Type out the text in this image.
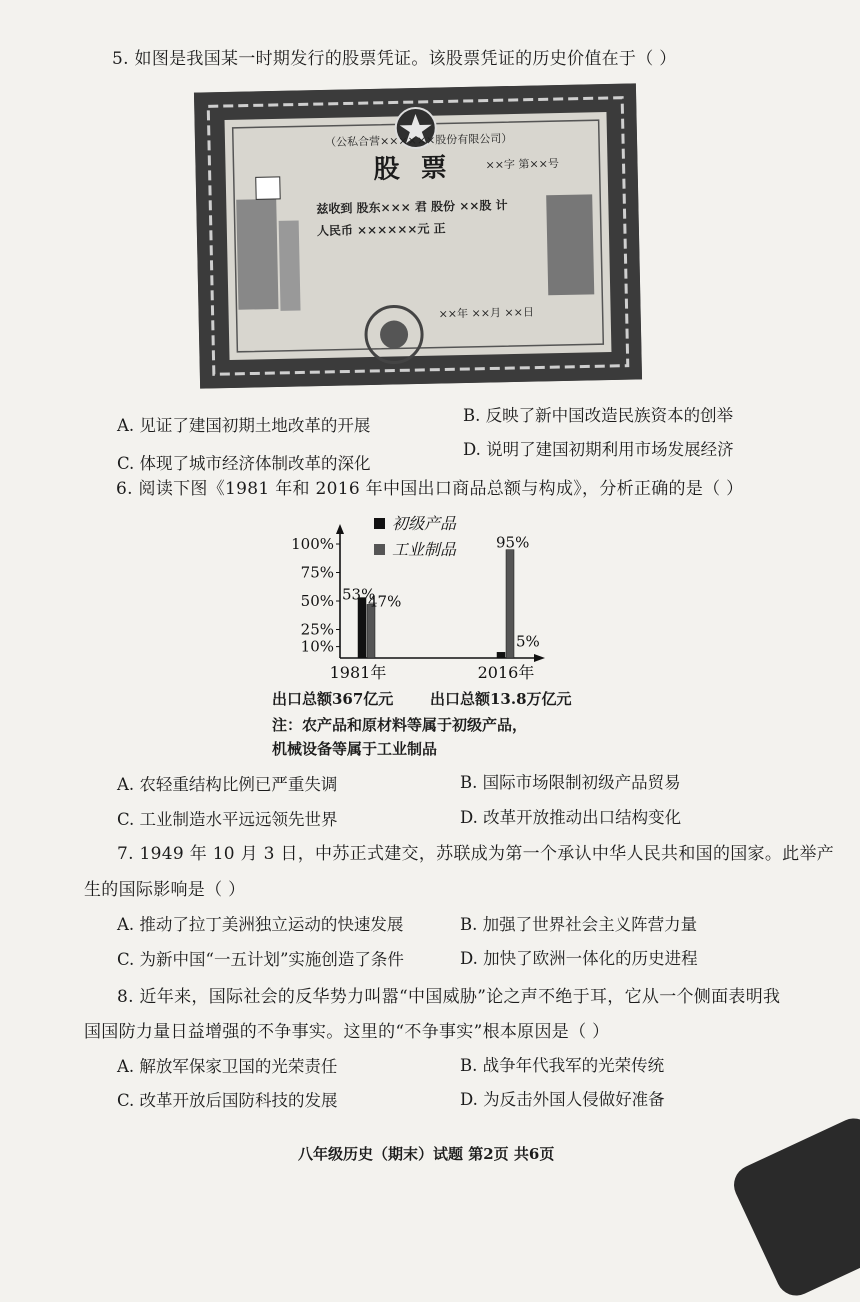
5. 如图是我国某一时期发行的股票凭证。该股票凭证的历史价值在于（ ）
股 票
（公私合营××××××股份有限公司）
××字 第××号
兹收到 股东××× 君 股份 ××股 计
人民币 ××××××元 正
××年 ××月 ××日
A. 见证了建国初期土地改革的开展
B. 反映了新中国改造民族资本的创举
C. 体现了城市经济体制改革的深化
D. 说明了建国初期利用市场发展经济
6. 阅读下图《1981 年和 2016 年中国出口商品总额与构成》，分析正确的是（ ）
10%
25%
50%
75%
100%
1981年	2016年
53%
47%
95%
5%
初级产品
工业制品
出口总额367亿元 出口总额13.8万亿元
注：农产品和原材料等属于初级产品，
机械设备等属于工业制品
A. 农轻重结构比例已严重失调	B. 国际市场限制初级产品贸易
C. 工业制造水平远远领先世界	D. 改革开放推动出口结构变化
7. 1949 年 10 月 3 日，中苏正式建交，苏联成为第一个承认中华人民共和国的国家。此举产
生的国际影响是（ ）
A. 推动了拉丁美洲独立运动的快速发展	B. 加强了世界社会主义阵营力量
C. 为新中国“一五计划”实施创造了条件	D. 加快了欧洲一体化的历史进程
8. 近年来，国际社会的反华势力叫嚣“中国威胁”论之声不绝于耳，它从一个侧面表明我
国国防力量日益增强的不争事实。这里的“不争事实”根本原因是（ ）
A. 解放军保家卫国的光荣责任	B. 战争年代我军的光荣传统
C. 改革开放后国防科技的发展	D. 为反击外国人侵做好准备
八年级历史（期末）试题 第2页 共6页
